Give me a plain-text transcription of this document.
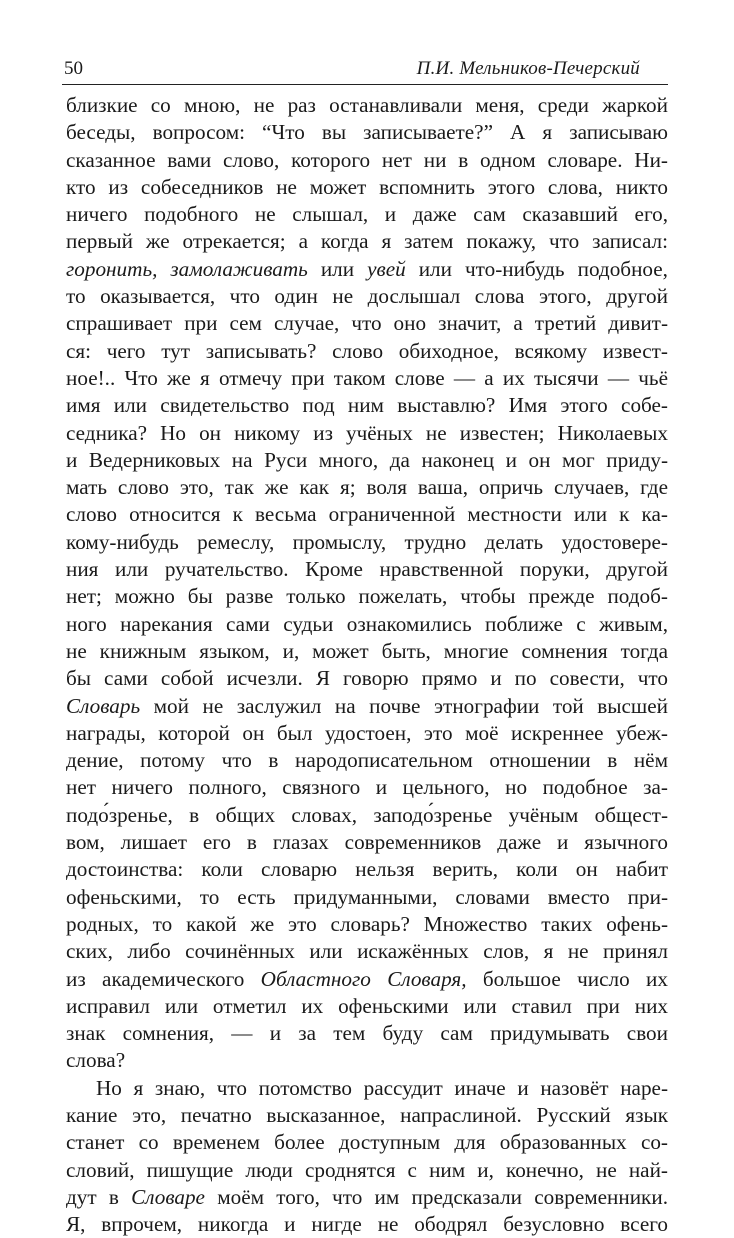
50	П.И. Мельников-Печерский
близкие со мною, не раз останавливали меня, среди жаркой
беседы, вопросом: “Что вы записываете?” А я записываю
сказанное вами слово, которого нет ни в одном словаре. Ни-
кто из собеседников не может вспомнить этого слова, никто
ничего подобного не слышал, и даже сам сказавший его,
первый же отрекается; а когда я затем покажу, что записал:
горонить, замолаживать или увей или что-нибудь подобное,
то оказывается, что один не дослышал слова этого, другой
спрашивает при сем случае, что оно значит, а третий дивит-
ся: чего тут записывать? слово обиходное, всякому извест-
ное!.. Что же я отмечу при таком слове — а их тысячи — чьё
имя или свидетельство под ним выставлю? Имя этого собе-
седника? Но он никому из учёных не известен; Николаевых
и Ведерниковых на Руси много, да наконец и он мог приду-
мать слово это, так же как я; воля ваша, опричь случаев, где
слово относится к весьма ограниченной местности или к ка-
кому-нибудь ремеслу, промыслу, трудно делать удостовере-
ния или ручательство. Кроме нравственной поруки, другой
нет; можно бы разве только пожелать, чтобы прежде подоб-
ного нарекания сами судьи ознакомились поближе с живым,
не книжным языком, и, может быть, многие сомнения тогда
бы сами собой исчезли. Я говорю прямо и по совести, что
Словарь мой не заслужил на почве этнографии той высшей
награды, которой он был удостоен, это моё искреннее убеж-
дение, потому что в народописательном отношении в нём
нет ничего полного, связного и цельного, но подобное за-
подо́зренье, в общих словах, заподо́зренье учёным общест-
вом, лишает его в глазах современников даже и язычного
достоинства: коли словарю нельзя верить, коли он набит
офеньскими, то есть придуманными, словами вместо при-
родных, то какой же это словарь? Множество таких офень-
ских, либо сочинённых или искажённых слов, я не принял
из академического Областного Словаря, большое число их
исправил или отметил их офеньскими или ставил при них
знак сомнения, — и за тем буду сам придумывать свои
слова?
Но я знаю, что потомство рассудит иначе и назовёт наре-
кание это, печатно высказанное, напраслиной. Русский язык
станет со временем более доступным для образованных со-
словий, пишущие люди сроднятся с ним и, конечно, не най-
дут в Словаре моём того, что им предсказали современники.
Я, впрочем, никогда и нигде не ободрял безусловно всего
